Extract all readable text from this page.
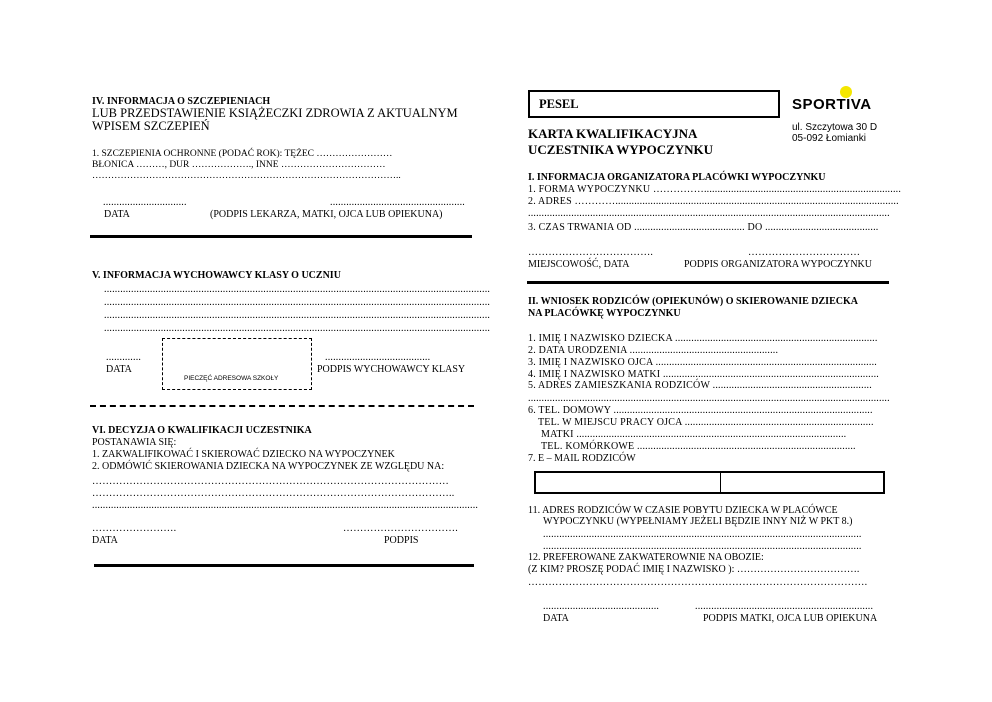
IV. INFORMACJA O SZCZEPIENIACH
LUB PRZEDSTAWIENIE KSIĄŻECZKI ZDROWIA Z AKTUALNYM
WPISEM SZCZEPIEŃ
1. SZCZEPIENIA OCHRONNE (PODAĆ ROK): TĘŻEC ……………………
BŁONICA ………, DUR ………………., INNE ……………………………
……………………………………………………………………………………..
...............................	..................................................
DATA	(PODPIS LEKARZA, MATKI, OJCA LUB OPIEKUNA)
V. INFORMACJA WYCHOWAWCY KLASY O UCZNIU
...............................................................................................................................................
...............................................................................................................................................
...............................................................................................................................................
...............................................................................................................................................
PIECZĘĆ ADRESOWA SZKOŁY
.............	.......................................
DATA	PODPIS WYCHOWAWCY KLASY
VI. DECYZJA O KWALIFIKACJI UCZESTNIKA
POSTANAWIA SIĘ:
1. ZAKWALIFIKOWAĆ I SKIEROWAĆ DZIECKO NA WYPOCZYNEK
2. ODMÓWIĆ SKIEROWANIA DZIECKA NA WYPOCZYNEK ZE WZGLĘDU NA:
……………………………………………………………………………………………
……………………………………………………………………………………………..
...............................................................................................................................................
…………………….	…………………………….
DATA	PODPIS
PESEL	SPORTIVA
ul. Szczytowa 30 D
05-092 Łomianki
KARTA KWALIFIKACYJNA
UCZESTNIKA WYPOCZYNKU
I. INFORMACJA ORGANIZATORA PLACÓWKI WYPOCZYNKU
1. FORMA WYPOCZYNKU …………….........................................................................
2. ADRES ………….........................................................................................................
......................................................................................................................................
3. CZAS TRWANIA OD ......................................... DO ..........................................
……………………………….	……………………………
MIEJSCOWOŚĆ, DATA	PODPIS ORGANIZATORA WYPOCZYNKU
II. WNIOSEK RODZICÓW (OPIEKUNÓW) O SKIEROWANIE DZIECKA
NA PLACÓWKĘ WYPOCZYNKU
1. IMIĘ I NAZWISKO DZIECKA ...........................................................................
2. DATA URODZENIA .......................................................
3. IMIĘ I NAZWISKO OJCA ..................................................................................
4. IMIĘ I NAZWISKO MATKI ................................................................................
5. ADRES ZAMIESZKANIA RODZICÓW ...........................................................
......................................................................................................................................
6. TEL. DOMOWY ................................................................................................
TEL. W MIEJSCU PRACY OJCA ......................................................................
MATKI ....................................................................................................
TEL. KOMÓRKOWE .................................................................................
7. E – MAIL RODZICÓW
11. ADRES RODZICÓW W CZASIE POBYTU DZIECKA W PLACÓWCE
WYPOCZYNKU (WYPEŁNIAMY JEŻELI BĘDZIE INNY NIŻ W PKT 8.)
......................................................................................................................
......................................................................................................................
12. PREFEROWANE ZAKWATEROWNIE NA OBOZIE:
(Z KIM? PROSZĘ PODAĆ IMIĘ I NAZWISKO ): ……………………………….
……………………………………………………………………………………….
...........................................	..................................................................
DATA	PODPIS MATKI, OJCA LUB OPIEKUNA
